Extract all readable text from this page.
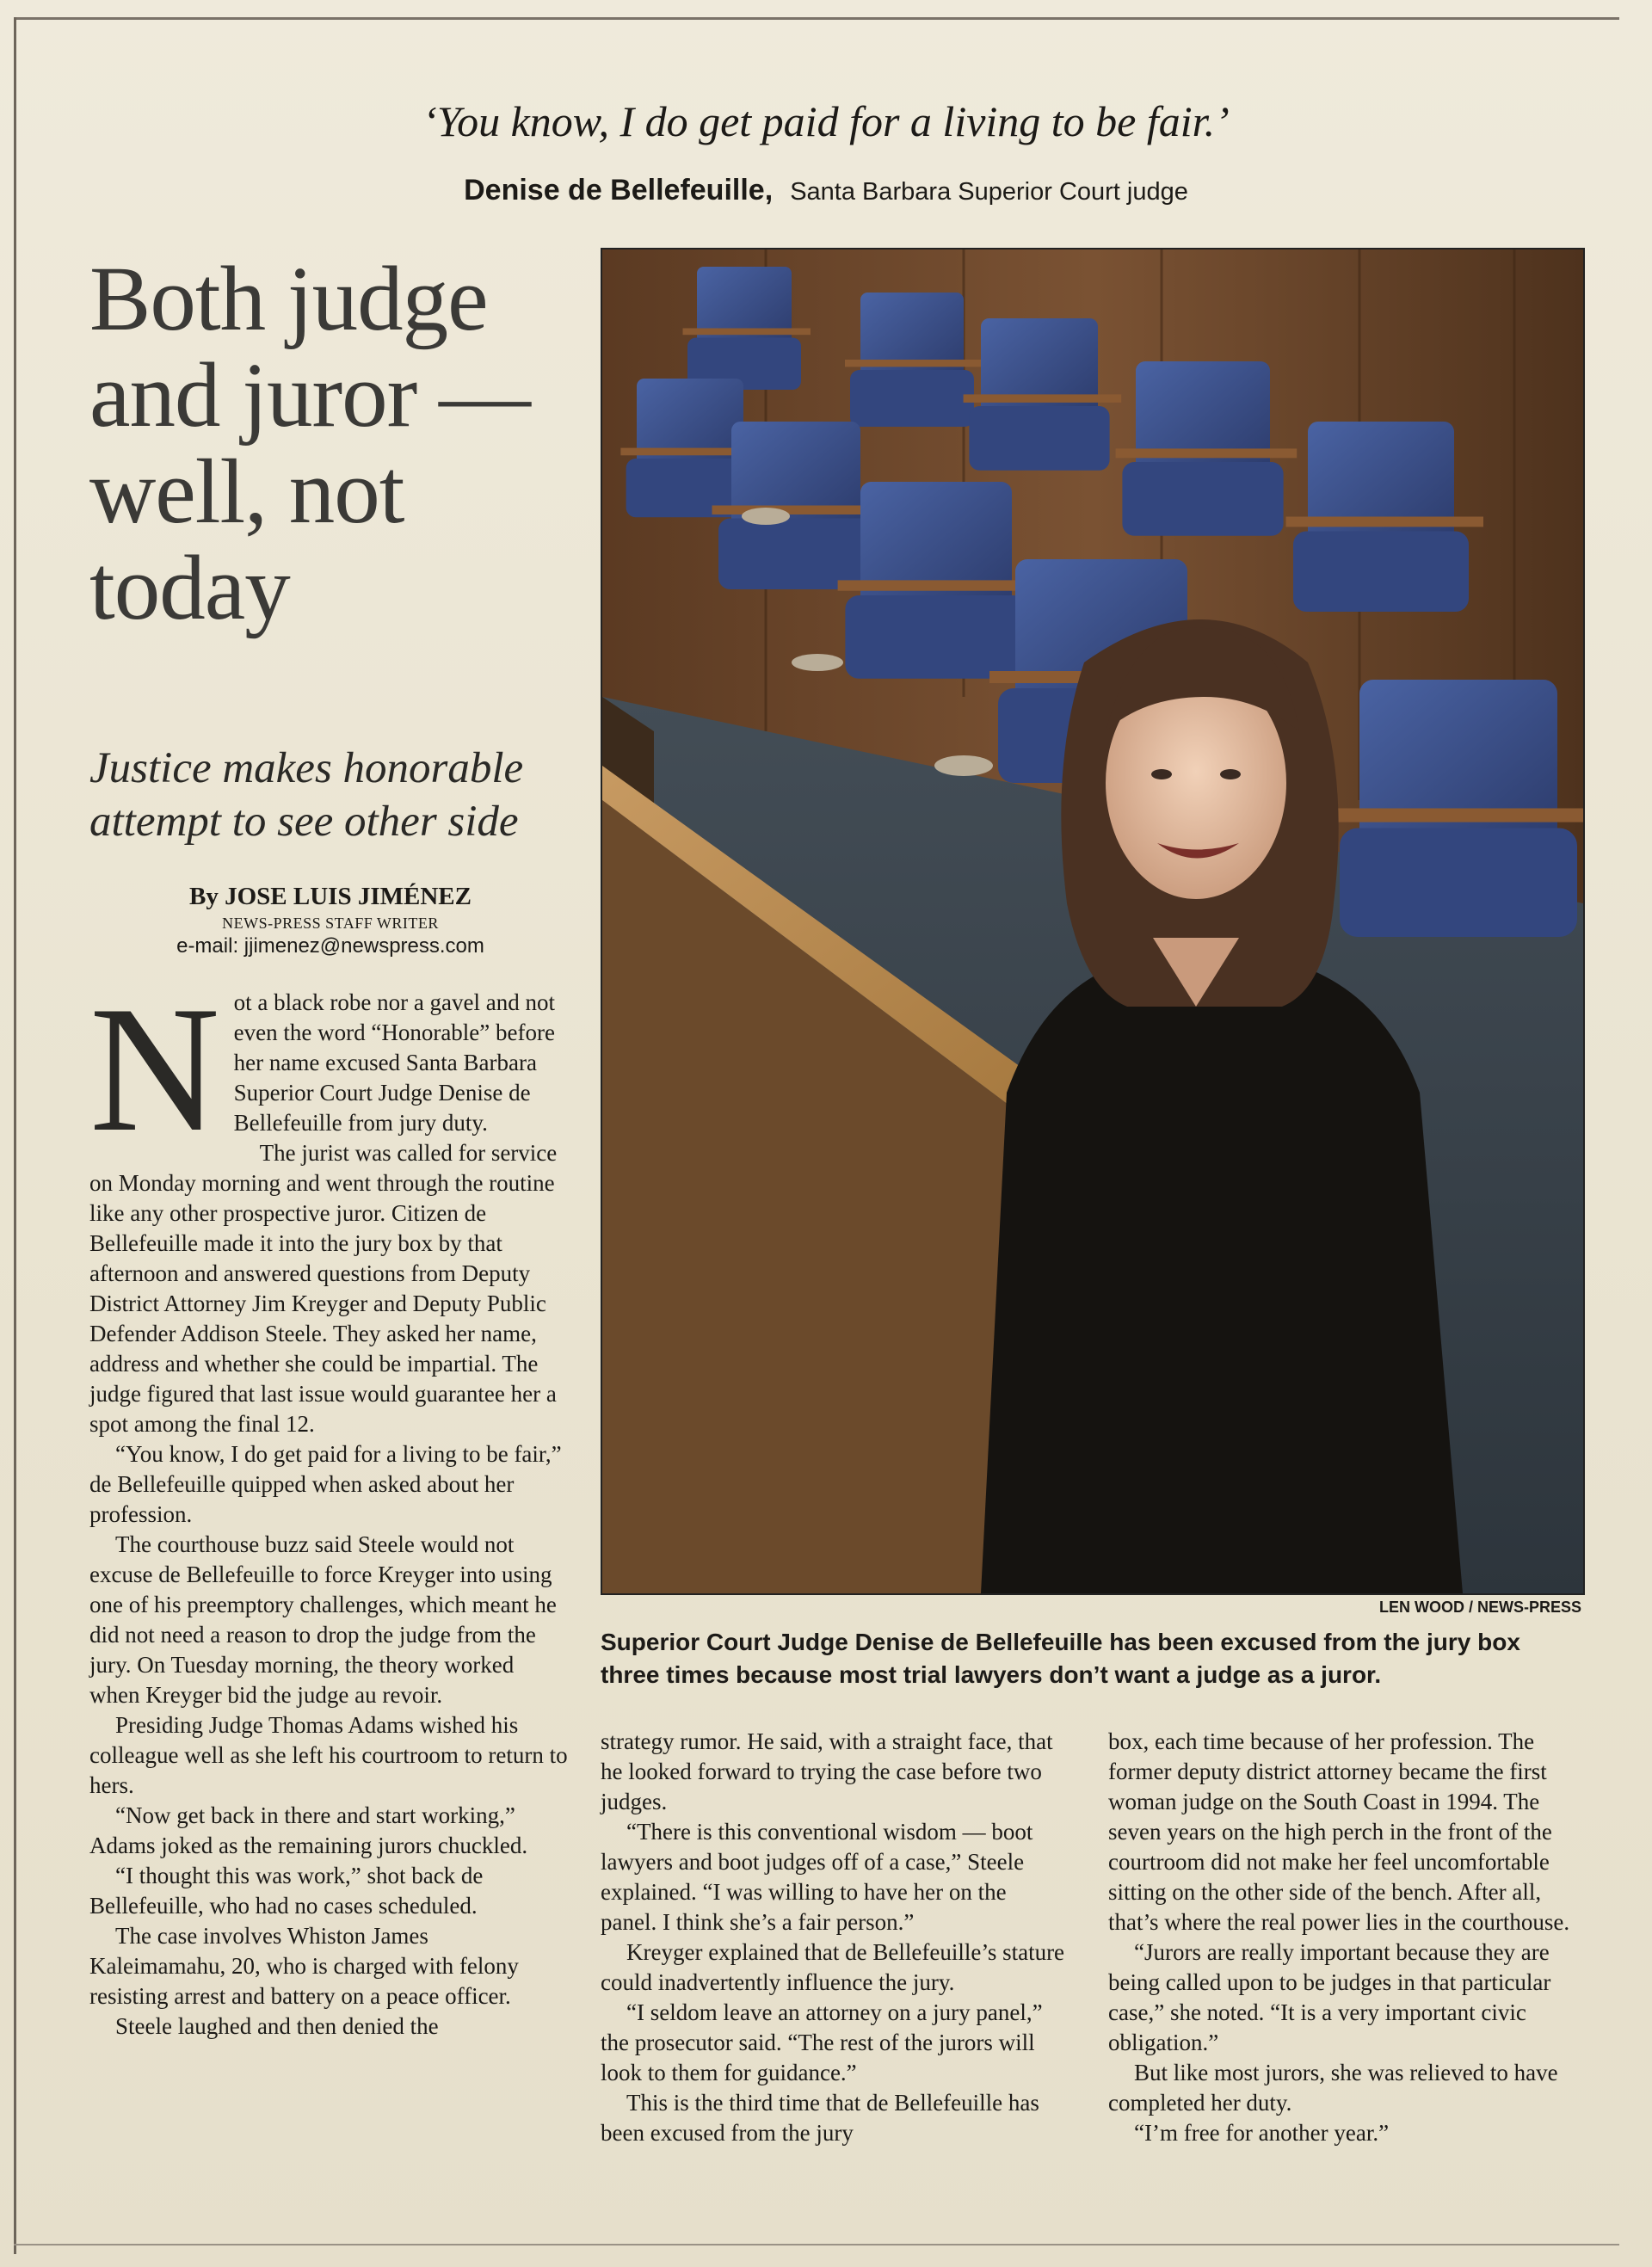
‘You know, I do get paid for a living to be fair.’
Denise de Bellefeuille, Santa Barbara Superior Court judge
Both judge and juror — well, not today
Justice makes honorable attempt to see other side
By JOSE LUIS JIMÉNEZ
NEWS-PRESS STAFF WRITER
e-mail: jjimenez@newspress.com
N ot a black robe nor a gavel and not even the word “Honorable” before her name excused Santa Barbara Superior Court Judge Denise de Bellefeuille from jury duty.

The jurist was called for service on Monday morning and went through the routine like any other prospective juror. Citizen de Bellefeuille made it into the jury box by that afternoon and answered questions from Deputy District Attorney Jim Kreyger and Deputy Public Defender Addison Steele. They asked her name, address and whether she could be impartial. The judge figured that last issue would guarantee her a spot among the final 12.

“You know, I do get paid for a living to be fair,” de Bellefeuille quipped when asked about her profession.

The courthouse buzz said Steele would not excuse de Bellefeuille to force Kreyger into using one of his preemptory challenges, which meant he did not need a reason to drop the judge from the jury. On Tuesday morning, the theory worked when Kreyger bid the judge au revoir.

Presiding Judge Thomas Adams wished his colleague well as she left his courtroom to return to hers.

“Now get back in there and start working,” Adams joked as the remaining jurors chuckled.

“I thought this was work,” shot back de Bellefeuille, who had no cases scheduled.

The case involves Whiston James Kaleimamahu, 20, who is charged with felony resisting arrest and battery on a peace officer.

Steele laughed and then denied the

LEN WOOD / NEWS-PRESS
Superior Court Judge Denise de Bellefeuille has been excused from the jury box three times because most trial lawyers don’t want a judge as a juror.

strategy rumor. He said, with a straight face, that he looked forward to trying the case before two judges.

“There is this conventional wisdom — boot lawyers and boot judges off of a case,” Steele explained. “I was willing to have her on the panel. I think she’s a fair person.”

Kreyger explained that de Bellefeuille’s stature could inadvertently influence the jury.

“I seldom leave an attorney on a jury panel,” the prosecutor said. “The rest of the jurors will look to them for guidance.”

This is the third time that de Bellefeuille has been excused from the jury

box, each time because of her profession. The former deputy district attorney became the first woman judge on the South Coast in 1994. The seven years on the high perch in the front of the courtroom did not make her feel uncomfortable sitting on the other side of the bench. After all, that’s where the real power lies in the courthouse.

“Jurors are really important because they are being called upon to be judges in that particular case,” she noted. “It is a very important civic obligation.”

But like most jurors, she was relieved to have completed her duty.

“I’m free for another year.”
